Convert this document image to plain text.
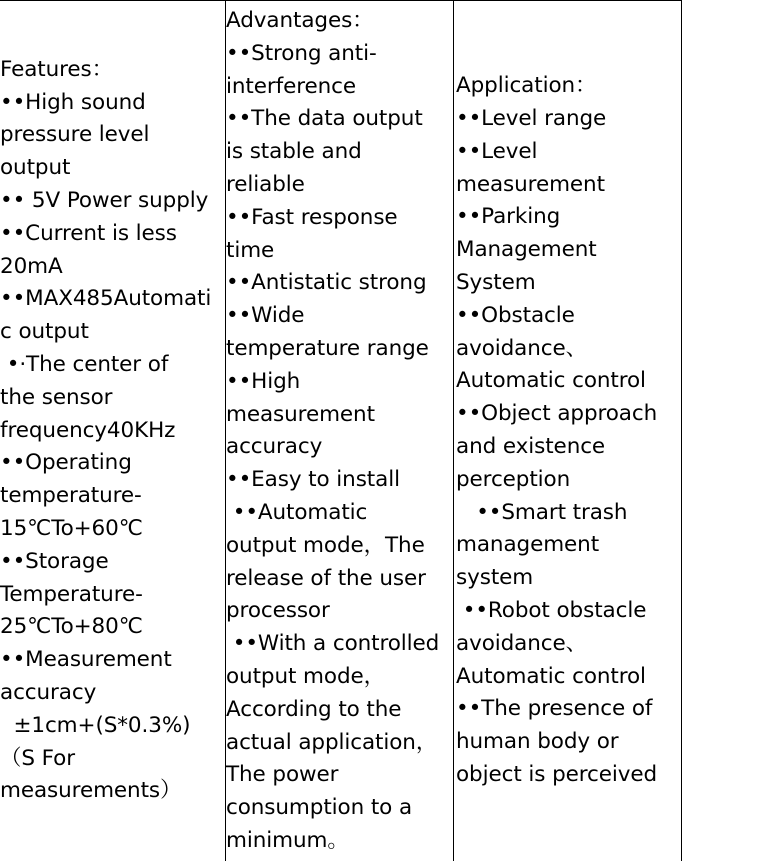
Features：
••High sound
pressure level
output
•• 5V Power supply
••Current is less
20mA
••MAX485Automati
c output
•·The center of
the sensor
frequency40KHz
••Operating
temperature-
15℃To+60℃
••Storage
Temperature-
25℃To+80℃
••Measurement
accuracy
±1cm+(S*0.3%)
（S For
measurements）
Advantages：
••Strong anti-
interference
••The data output
is stable and
reliable
••Fast response
time
••Antistatic strong
••Wide
temperature range
••High
measurement
accuracy
••Easy to install
••Automatic
output mode，The
release of the user
processor
••With a controlled
output mode，
According to the
actual application，
The power
consumption to a
minimum。
Application：
••Level range
••Level
measurement
••Parking
Management
System
••Obstacle
avoidance、
Automatic control
••Object approach
and existence
perception
••Smart trash
management
system
••Robot obstacle
avoidance、
Automatic control
••The presence of
human body or
object is perceived
